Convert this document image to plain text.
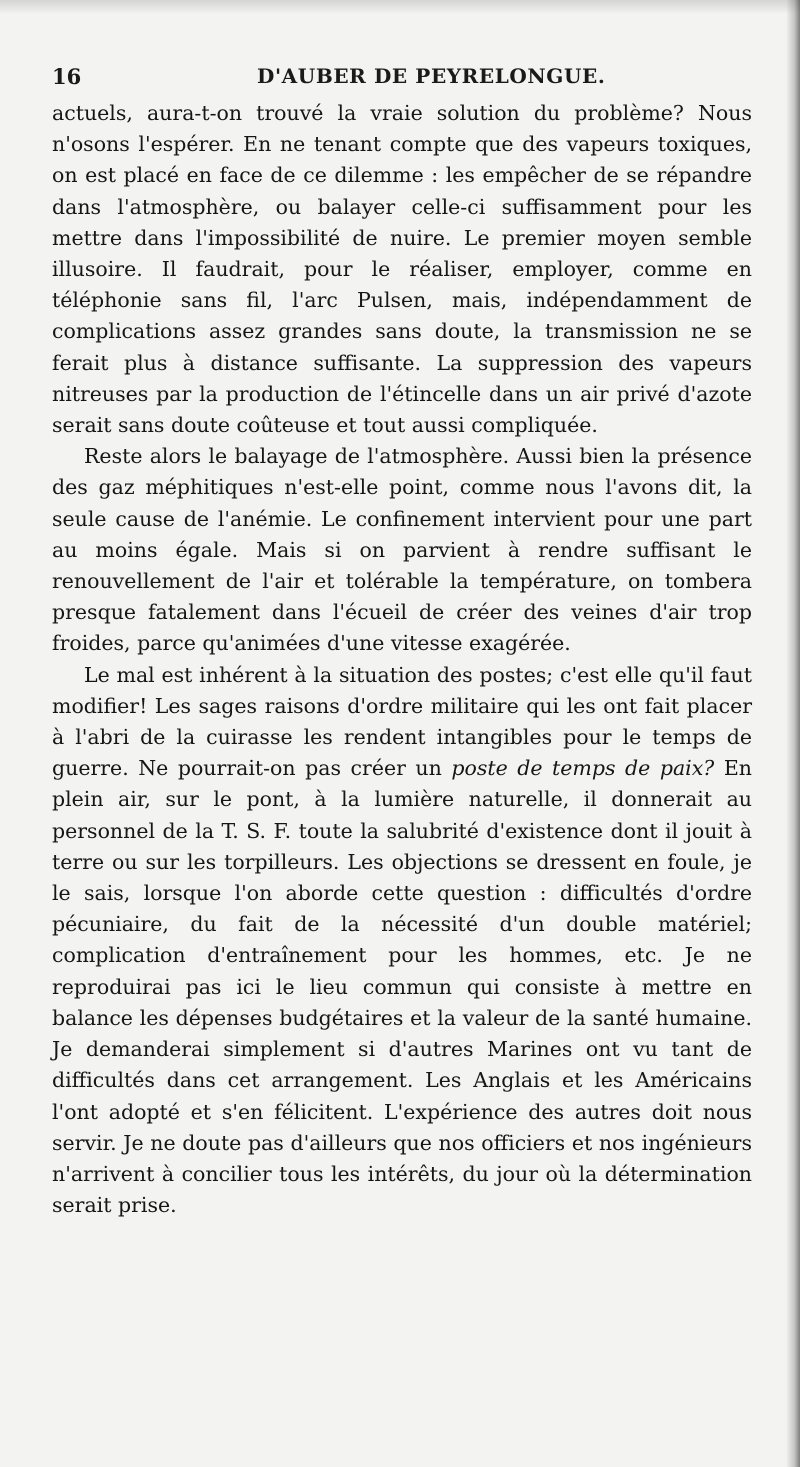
16	D'AUBER DE PEYRELONGUE.

actuels, aura-t-on trouvé la vraie solution du problème? Nous n'osons l'espérer. En ne tenant compte que des vapeurs toxiques, on est placé en face de ce dilemme : les empêcher de se répandre dans l'atmosphère, ou balayer celle-ci suffisamment pour les mettre dans l'impossibilité de nuire. Le premier moyen semble illusoire. Il faudrait, pour le réaliser, employer, comme en téléphonie sans fil, l'arc Pulsen, mais, indépendamment de complications assez grandes sans doute, la transmission ne se ferait plus à distance suffisante. La suppression des vapeurs nitreuses par la production de l'étincelle dans un air privé d'azote serait sans doute coûteuse et tout aussi compliquée.

Reste alors le balayage de l'atmosphère. Aussi bien la présence des gaz méphitiques n'est-elle point, comme nous l'avons dit, la seule cause de l'anémie. Le confinement intervient pour une part au moins égale. Mais si on parvient à rendre suffisant le renouvellement de l'air et tolérable la température, on tombera presque fatalement dans l'écueil de créer des veines d'air trop froides, parce qu'animées d'une vitesse exagérée.

Le mal est inhérent à la situation des postes; c'est elle qu'il faut modifier! Les sages raisons d'ordre militaire qui les ont fait placer à l'abri de la cuirasse les rendent intangibles pour le temps de guerre. Ne pourrait-on pas créer un poste de temps de paix? En plein air, sur le pont, à la lumière naturelle, il donnerait au personnel de la T. S. F. toute la salubrité d'existence dont il jouit à terre ou sur les torpilleurs. Les objections se dressent en foule, je le sais, lorsque l'on aborde cette question : difficultés d'ordre pécuniaire, du fait de la nécessité d'un double matériel; complication d'entraînement pour les hommes, etc. Je ne reproduirai pas ici le lieu commun qui consiste à mettre en balance les dépenses budgétaires et la valeur de la santé humaine. Je demanderai simplement si d'autres Marines ont vu tant de difficultés dans cet arrangement. Les Anglais et les Américains l'ont adopté et s'en félicitent. L'expérience des autres doit nous servir. Je ne doute pas d'ailleurs que nos officiers et nos ingénieurs n'arrivent à concilier tous les intérêts, du jour où la détermination serait prise.
